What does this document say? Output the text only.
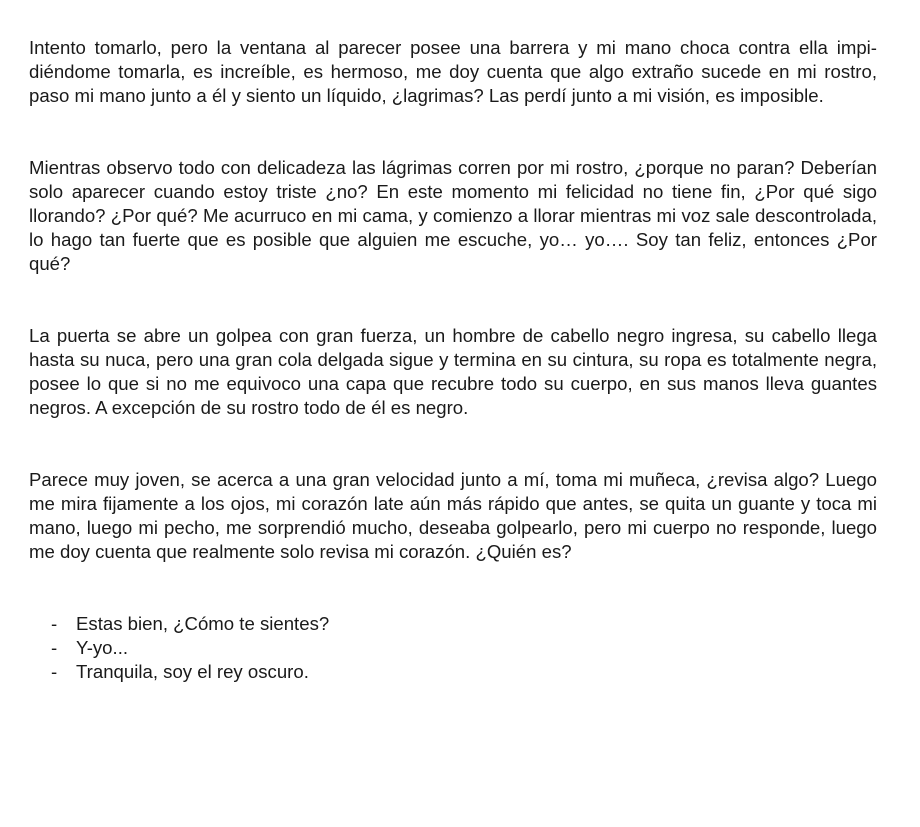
Intento tomarlo, pero la ventana al parecer posee una barrera y mi mano choca contra ella impidiéndome tomarla, es increíble, es hermoso, me doy cuenta que algo extraño sucede en mi rostro, paso mi mano junto a él y siento un líquido, ¿lagrimas? Las perdí junto a mi visión, es imposible.

Mientras observo todo con delicadeza las lágrimas corren por mi rostro, ¿porque no paran? Deberían solo aparecer cuando estoy triste ¿no? En este momento mi felicidad no tiene fin, ¿Por qué sigo llorando? ¿Por qué? Me acurruco en mi cama, y comienzo a llorar mientras mi voz sale descontrolada, lo hago tan fuerte que es posible que alguien me escuche, yo… yo…. Soy tan feliz, entonces ¿Por qué?

La puerta se abre un golpea con gran fuerza, un hombre de cabello negro ingresa, su cabello llega hasta su nuca, pero una gran cola delgada sigue y termina en su cintura, su ropa es totalmente negra, posee lo que si no me equivoco una capa que recubre todo su cuerpo, en sus manos lleva guantes negros. A excepción de su rostro todo de él es negro.

Parece muy joven, se acerca a una gran velocidad junto a mí, toma mi muñeca, ¿revisa algo? Luego me mira fijamente a los ojos, mi corazón late aún más rápido que antes, se quita un guante y toca mi mano, luego mi pecho, me sorprendió mucho, deseaba golpearlo, pero mi cuerpo no responde, luego me doy cuenta que realmente solo revisa mi corazón. ¿Quién es?

- Estas bien, ¿Cómo te sientes?
- Y-yo...
- Tranquila, soy el rey oscuro.
